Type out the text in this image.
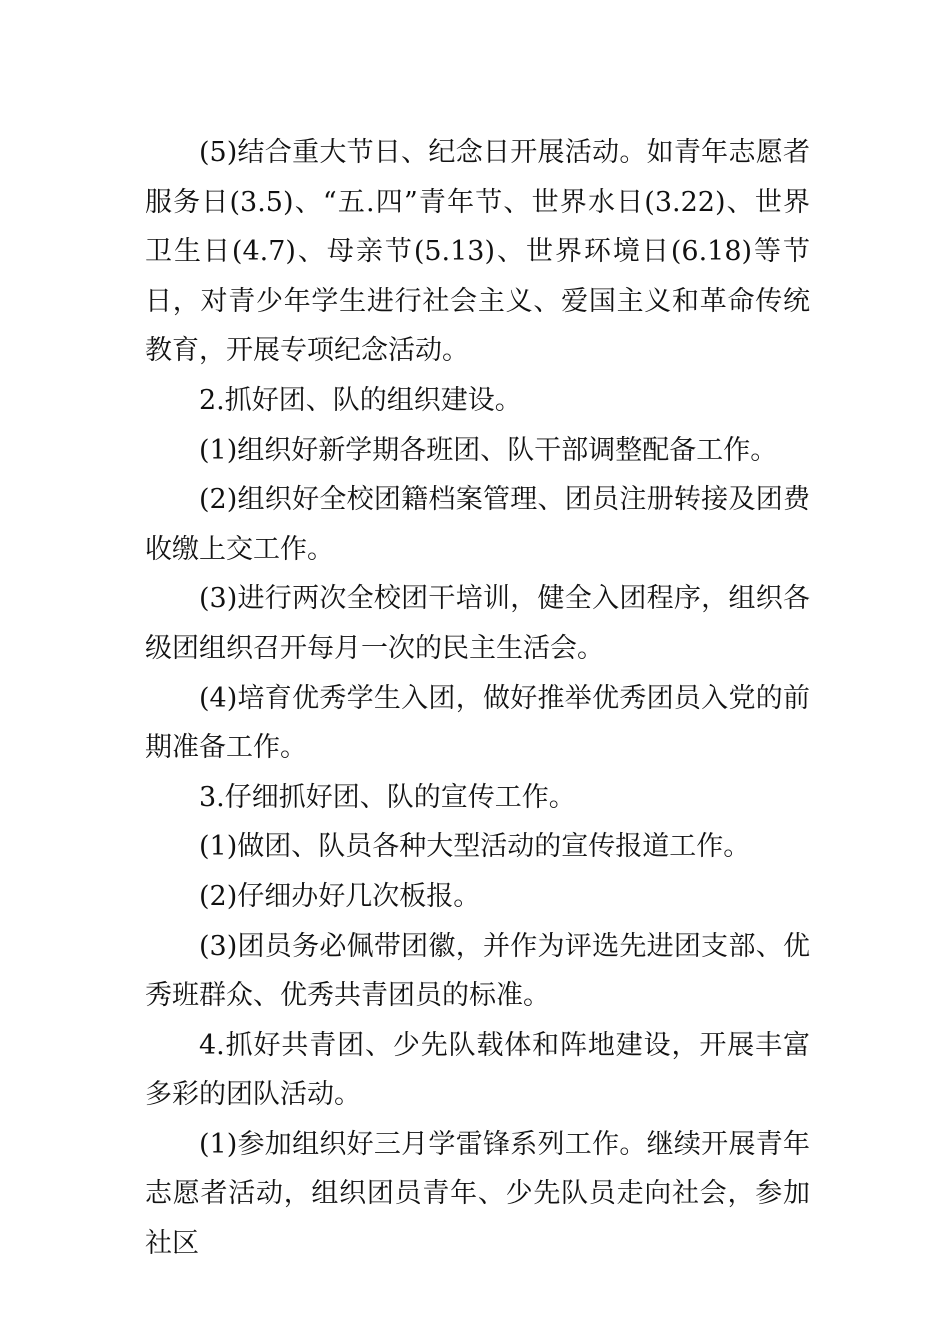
(5)结合重大节日、纪念日开展活动。如青年志愿者服务日(3.5)、“五.四”青年节、世界水日(3.22)、世界卫生日(4.7)、母亲节(5.13)、世界环境日(6.18)等节日，对青少年学生进行社会主义、爱国主义和革命传统教育，开展专项纪念活动。

2.抓好团、队的组织建设。

(1)组织好新学期各班团、队干部调整配备工作。

(2)组织好全校团籍档案管理、团员注册转接及团费收缴上交工作。

(3)进行两次全校团干培训，健全入团程序，组织各级团组织召开每月一次的民主生活会。

(4)培育优秀学生入团，做好推举优秀团员入党的前期准备工作。

3.仔细抓好团、队的宣传工作。

(1)做团、队员各种大型活动的宣传报道工作。

(2)仔细办好几次板报。

(3)团员务必佩带团徽，并作为评选先进团支部、优秀班群众、优秀共青团员的标准。

4.抓好共青团、少先队载体和阵地建设，开展丰富多彩的团队活动。

(1)参加组织好三月学雷锋系列工作。继续开展青年志愿者活动，组织团员青年、少先队员走向社会，参加社区
